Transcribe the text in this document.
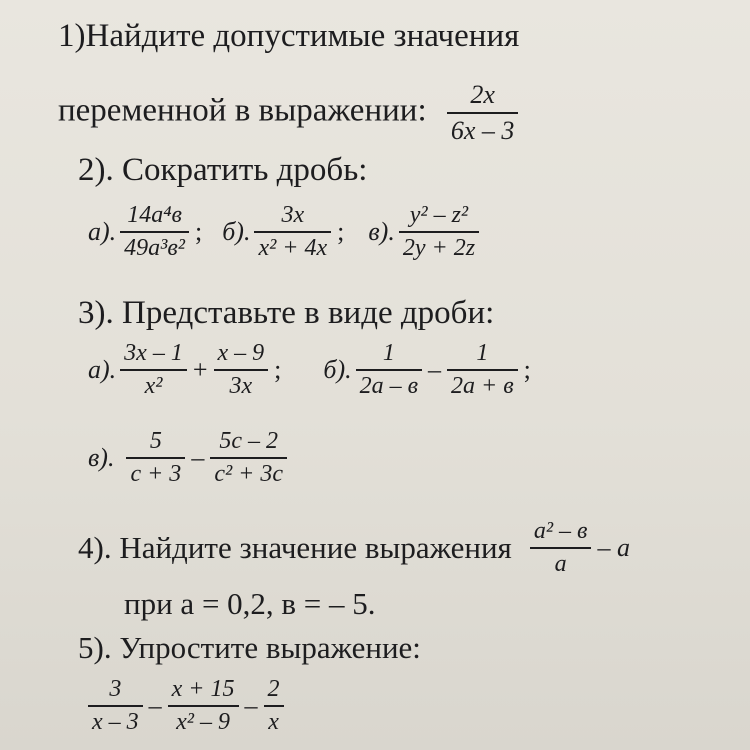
1)Найдите допустимые значения
переменной в выражении: $\frac{2x}{6x - 3}$
2). Сократить дробь:
а). $\frac{\text{14a⁴в}}{\text{49a³в²}}$ ; б). $\frac{3x}{\text{x² + 4x}}$ ; в). $\frac{\text{y² – z²}}{2y + 2z}$
3). Представьте в виде дроби:
а). $\frac{3x - 1}{\text{x²}} + \frac{x - 9}{3x}$ ; б). $\frac{1}{2a - в} - \frac{1}{2a + в}$ ;
в). $\frac{5}{c + 3} - \frac{5c - 2}{\text{c² + 3c}}$
4). Найдите значение выражения $\frac{\text{a² – в}}{a}$ – a
при a = 0,2, в = – 5.
5). Упростите выражение:
$\frac{3}{x - 3} - \frac{x + 15}{\text{x² – 9}} - \frac{2}{x}$
